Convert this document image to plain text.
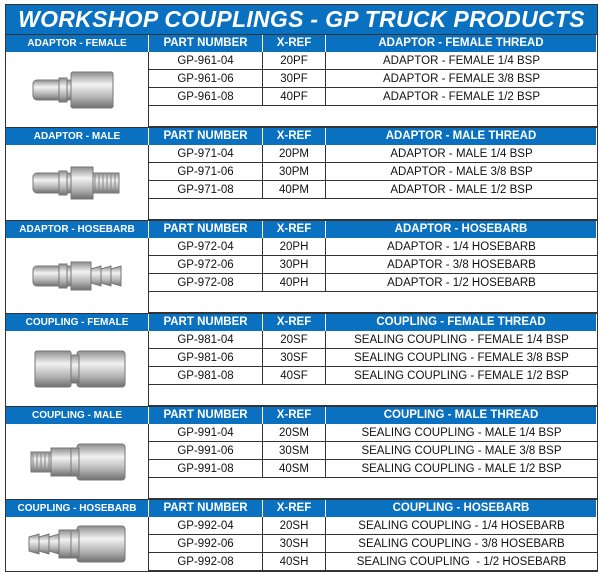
WORKSHOP COUPLINGS - GP TRUCK PRODUCTS
ADAPTOR - FEMALE	PART NUMBER	X-REF	ADAPTOR - FEMALE THREAD
GP-961-04	20PF	ADAPTOR - FEMALE 1/4 BSP
GP-961-06	30PF	ADAPTOR - FEMALE 3/8 BSP
GP-961-08	40PF	ADAPTOR - FEMALE 1/2 BSP
ADAPTOR - MALE	PART NUMBER	X-REF	ADAPTOR - MALE THREAD
GP-971-04	20PM	ADAPTOR - MALE 1/4 BSP
GP-971-06	30PM	ADAPTOR - MALE 3/8 BSP
GP-971-08	40PM	ADAPTOR - MALE 1/2 BSP
ADAPTOR - HOSEBARB	PART NUMBER	X-REF	ADAPTOR - HOSEBARB
GP-972-04	20PH	ADAPTOR - 1/4 HOSEBARB
GP-972-06	30PH	ADAPTOR - 3/8 HOSEBARB
GP-972-08	40PH	ADAPTOR - 1/2 HOSEBARB
COUPLING - FEMALE	PART NUMBER	X-REF	COUPLING - FEMALE THREAD
GP-981-04	20SF	SEALING COUPLING - FEMALE 1/4 BSP
GP-981-06	30SF	SEALING COUPLING - FEMALE 3/8 BSP
GP-981-08	40SF	SEALING COUPLING - FEMALE 1/2 BSP
COUPLING - MALE	PART NUMBER	X-REF	COUPLING - MALE THREAD
GP-991-04	20SM	SEALING COUPLING - MALE 1/4 BSP
GP-991-06	30SM	SEALING COUPLING - MALE 3/8 BSP
GP-991-08	40SM	SEALING COUPLING - MALE 1/2 BSP
COUPLING - HOSEBARB	PART NUMBER	X-REF	COUPLING - HOSEBARB
GP-992-04	20SH	SEALING COUPLING - 1/4 HOSEBARB
GP-992-06	30SH	SEALING COUPLING - 3/8 HOSEBARB
GP-992-08	40SH	SEALING COUPLING  - 1/2 HOSEBARB
